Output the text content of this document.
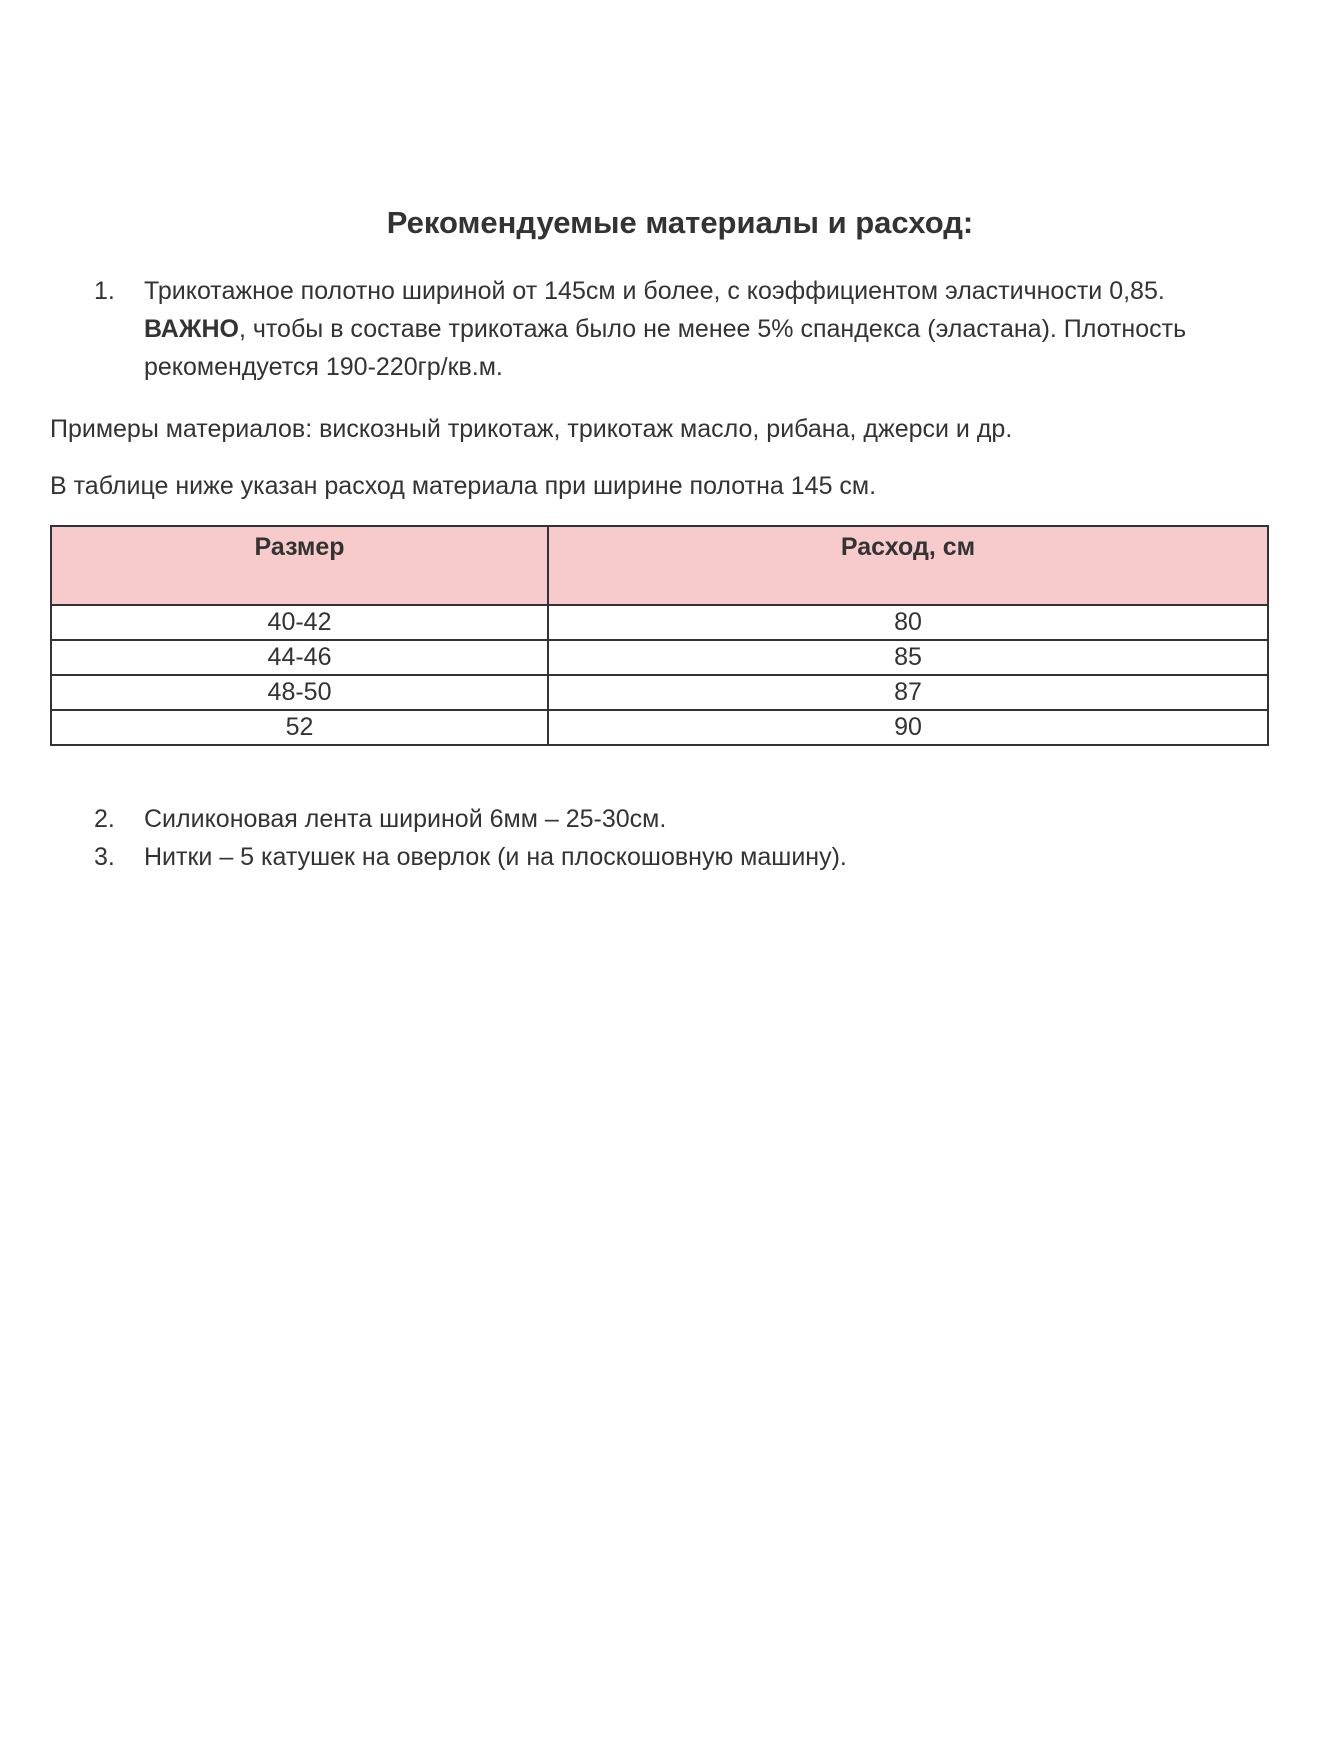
Рекомендуемые материалы и расход:
1.	Трикотажное полотно шириной от 145см и более, с коэффициентом эластичности 0,85.
ВАЖНО, чтобы в составе трикотажа было не менее 5% спандекса (эластана). Плотность
рекомендуется 190-220гр/кв.м.
Примеры материалов: вискозный трикотаж, трикотаж масло, рибана, джерси и др.
В таблице ниже указан расход материала при ширине полотна 145 см.
Размер	Расход, см
40-42	80
44-46	85
48-50	87
52	90
2.	Силиконовая лента шириной 6мм – 25-30см.
3.	Нитки – 5 катушек на оверлок (и на плоскошовную машину).
